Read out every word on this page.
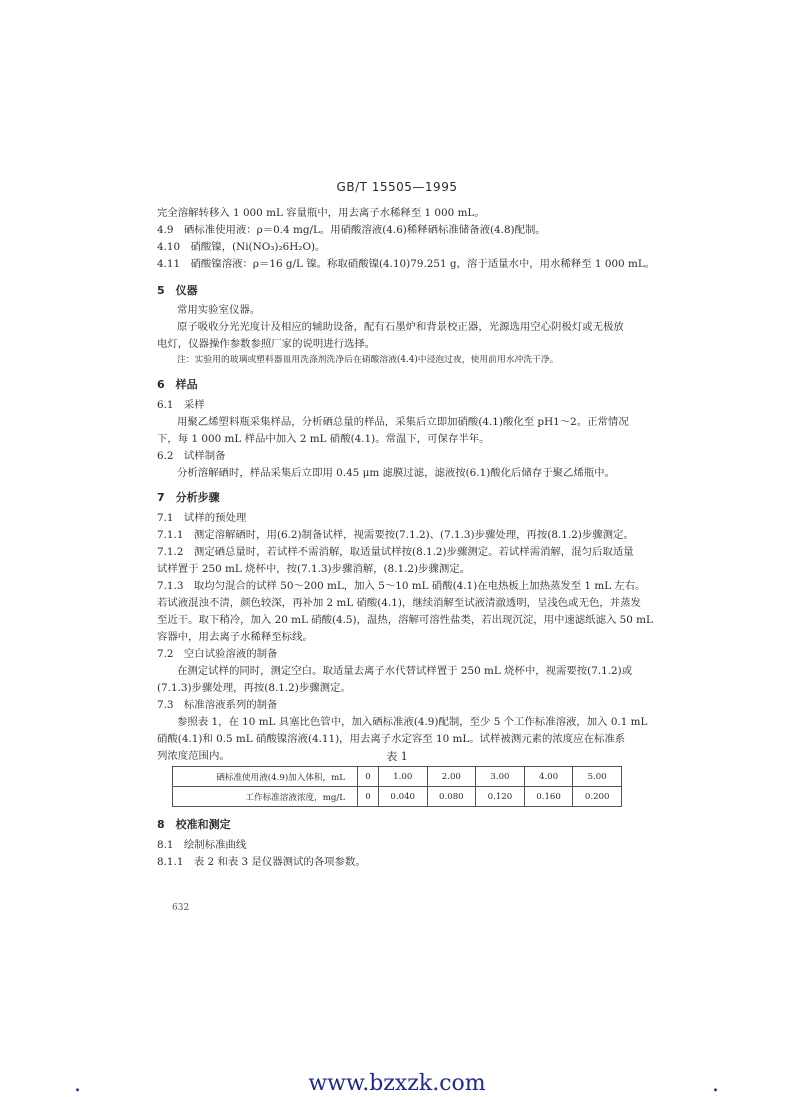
GB/T 15505—1995
完全溶解转移入 1 000 mL 容量瓶中，用去离子水稀释至 1 000 mL。
4.9　硒标准使用液：ρ＝0.4 mg/L。用硝酸溶液(4.6)稀释硒标准储备液(4.8)配制。
4.10　硝酸镍，(Ni(NO₃)₂6H₂O)。
4.11　硝酸镍溶液：ρ＝16 g/L 镍。称取硝酸镍(4.10)79.251 g，溶于适量水中，用水稀释至 1 000 mL。
5　仪器
常用实验室仪器。
原子吸收分光光度计及相应的辅助设备，配有石墨炉和背景校正器，光源选用空心阴极灯或无极放
电灯，仪器操作参数参照厂家的说明进行选择。
注：实验用的玻璃或塑料器皿用洗涤剂洗净后在硝酸溶液(4.4)中浸泡过夜，使用前用水冲洗干净。
6　样品
6.1　采样
用聚乙烯塑料瓶采集样品，分析硒总量的样品，采集后立即加硝酸(4.1)酸化至 pH1～2。正常情况
下，每 1 000 mL 样品中加入 2 mL 硝酸(4.1)。常温下，可保存半年。
6.2　试样制备
分析溶解硒时，样品采集后立即用 0.45 μm 滤膜过滤，滤液按(6.1)酸化后储存于聚乙烯瓶中。
7　分析步骤
7.1　试样的预处理
7.1.1　测定溶解硒时，用(6.2)制备试样，视需要按(7.1.2)、(7.1.3)步骤处理，再按(8.1.2)步骤测定。
7.1.2　测定硒总量时，若试样不需消解，取适量试样按(8.1.2)步骤测定。若试样需消解，混匀后取适量
试样置于 250 mL 烧杯中，按(7.1.3)步骤消解，(8.1.2)步骤测定。
7.1.3　取均匀混合的试样 50～200 mL，加入 5～10 mL 硝酸(4.1)在电热板上加热蒸发至 1 mL 左右。
若试液混浊不清，颜色较深，再补加 2 mL 硝酸(4.1)，继续消解至试液清澈透明，呈浅色或无色，并蒸发
至近干。取下稍冷，加入 20 mL 硝酸(4.5)，温热，溶解可溶性盐类，若出现沉淀，用中速滤纸滤入 50 mL
容器中，用去离子水稀释至标线。
7.2　空白试验溶液的制备
在测定试样的同时，测定空白。取适量去离子水代替试样置于 250 mL 烧杯中，视需要按(7.1.2)或
(7.1.3)步骤处理，再按(8.1.2)步骤测定。
7.3　标准溶液系列的制备
参照表 1，在 10 mL 具塞比色管中，加入硒标准液(4.9)配制，至少 5 个工作标准溶液，加入 0.1 mL
硝酸(4.1)和 0.5 mL 硝酸镍溶液(4.11)，用去离子水定容至 10 mL。试样被测元素的浓度应在标准系
列浓度范围内。	表 1
硒标准使用液(4.9)加入体积，mL	0	1.00	2.00	3.00	4.00	5.00
工作标准溶液浓度，mg/L	0	0.040	0.080	0.120	0.160	0.200
8　校准和测定
8.1　绘制标准曲线
8.1.1　表 2 和表 3 是仪器测试的各项参数。
632
.	www.bzxzk.com	.
